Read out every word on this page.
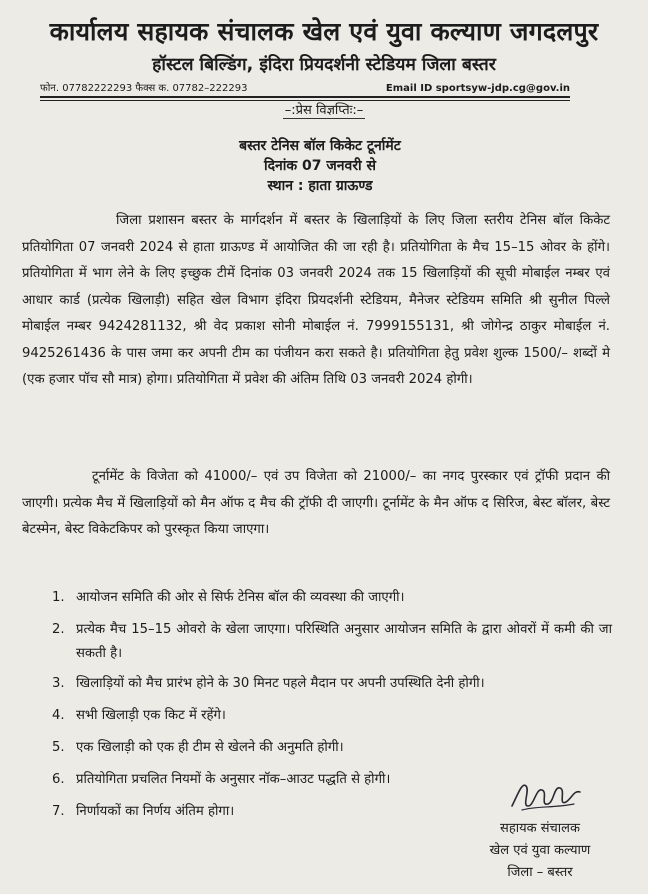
कार्यालय सहायक संचालक खेल एवं युवा कल्याण जगदलपुर
हॉस्टल बिल्डिंग, इंदिरा प्रियदर्शनी स्टेडियम जिला बस्तर
फोन. 07782222293 फैक्स क. 07782–222293	Email ID sportsyw-jdp.cg@gov.in
–:प्रेस विज्ञप्तिः:–
बस्तर टेनिस बॉल किकेट टूर्नामेंट
दिनांक 07 जनवरी से
स्थान : हाता ग्राऊण्ड
जिला प्रशासन बस्तर के मार्गदर्शन में बस्तर के खिलाड़ियों के लिए जिला स्तरीय टेनिस बॉल किकेट प्रतियोगिता 07 जनवरी 2024 से हाता ग्राऊण्ड में आयोजित की जा रही है। प्रतियोगिता के मैच 15–15 ओवर के होंगे। प्रतियोगिता में भाग लेने के लिए इच्छुक टीमें दिनांक 03 जनवरी 2024 तक 15 खिलाड़ियों की सूची मोबाईल नम्बर एवं आधार कार्ड (प्रत्येक खिलाड़ी) सहित खेल विभाग इंदिरा प्रियदर्शनी स्टेडियम, मैनेजर स्टेडियम समिति श्री सुनील पिल्ले मोबाईल नम्बर 9424281132, श्री वेद प्रकाश सोनी मोबाईल नं. 7999155131, श्री जोगेन्द्र ठाकुर मोबाईल नं. 9425261436 के पास जमा कर अपनी टीम का पंजीयन करा सकते है। प्रतियोगिता हेतु प्रवेश शुल्क 1500/– शब्दों मे (एक हजार पॉच सौ मात्र) होगा। प्रतियोगिता में प्रवेश की अंतिम तिथि 03 जनवरी 2024 होगी।
टूर्नामेंट के विजेता को 41000/– एवं उप विजेता को 21000/– का नगद पुरस्कार एवं ट्रॉफी प्रदान की जाएगी। प्रत्येक मैच में खिलाड़ियों को मैन ऑफ द मैच की ट्रॉफी दी जाएगी। टूर्नामेंट के मैन ऑफ द सिरिज, बेस्ट बॉलर, बेस्ट बेटस्मेन, बेस्ट विकेटकिपर को पुरस्कृत किया जाएगा।
1. आयोजन समिति की ओर से सिर्फ टेनिस बॉल की व्यवस्था की जाएगी।
2. प्रत्येक मैच 15–15 ओवरो के खेला जाएगा। परिस्थिति अनुसार आयोजन समिति के द्वारा ओवरों में कमी की जा सकती है।
3. खिलाड़ियों को मैच प्रारंभ होने के 30 मिनट पहले मैदान पर अपनी उपस्थिति देनी होगी।
4. सभी खिलाड़ी एक किट में रहेंगे।
5. एक खिलाड़ी को एक ही टीम से खेलने की अनुमति होगी।
6. प्रतियोगिता प्रचलित नियमों के अनुसार नॉक–आउट पद्धति से होगी।
7. निर्णायकों का निर्णय अंतिम होगा।
सहायक संचालक
खेल एवं युवा कल्याण
जिला – बस्तर
